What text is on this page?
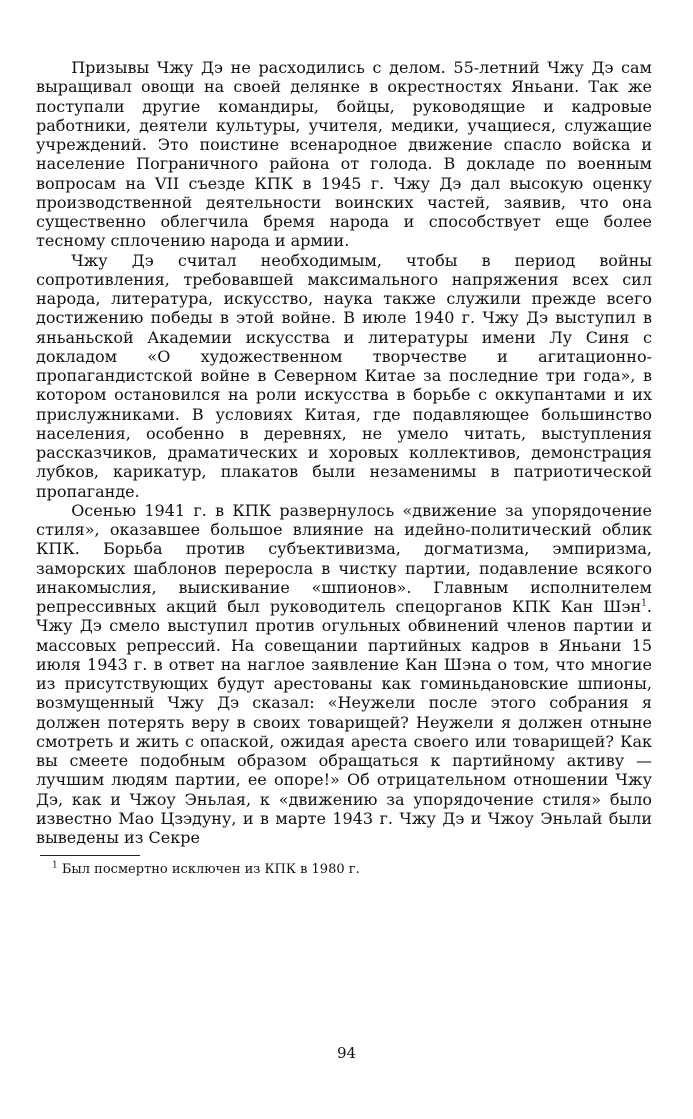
Призывы Чжу Дэ не расходились с делом. 55-летний Чжу Дэ сам выращивал овощи на своей делянке в окрестностях Яньани. Так же поступали другие командиры, бойцы, руководящие и кадровые работники, деятели культуры, учителя, медики, учащиеся, служащие учреждений. Это поистине всенародное движение спасло войска и население Пограничного района от голода. В докладе по военным вопросам на VII съезде КПК в 1945 г. Чжу Дэ дал высокую оценку производственной деятельности воинских частей, заявив, что она существенно облегчила бремя народа и способствует еще более тесному сплочению народа и армии.

Чжу Дэ считал необходимым, чтобы в период войны сопротивления, требовавшей максимального напряжения всех сил народа, литература, искусство, наука также служили прежде всего достижению победы в этой войне. В июле 1940 г. Чжу Дэ выступил в яньаньской Академии искусства и литературы имени Лу Синя с докладом «О художественном творчестве и агитационно-пропагандистской войне в Северном Китае за последние три года», в котором остановился на роли искусства в борьбе с оккупантами и их прислужниками. В условиях Китая, где подавляющее большинство населения, особенно в деревнях, не умело читать, выступления рассказчиков, драматических и хоровых коллективов, демонстрация лубков, карикатур, плакатов были незаменимы в патриотической пропаганде.

Осенью 1941 г. в КПК развернулось «движение за упорядочение стиля», оказавшее большое влияние на идейно-политический облик КПК. Борьба против субъективизма, догматизма, эмпиризма, заморских шаблонов переросла в чистку партии, подавление всякого инакомыслия, выискивание «шпионов». Главным исполнителем репрессивных акций был руководитель спецорганов КПК Кан Шэн$^1$. Чжу Дэ смело выступил против огульных обвинений членов партии и массовых репрессий. На совещании партийных кадров в Яньани 15 июля 1943 г. в ответ на наглое заявление Кан Шэна о том, что многие из присутствующих будут арестованы как гоминьдановские шпионы, возмущенный Чжу Дэ сказал: «Неужели после этого собрания я должен потерять веру в своих товарищей? Неужели я должен отныне смотреть и жить с опаской, ожидая ареста своего или товарищей? Как вы смеете подобным образом обращаться к партийному активу — лучшим людям партии, ее опоре!» Об отрицательном отношении Чжу Дэ, как и Чжоу Эньлая, к «движению за упорядочение стиля» было известно Мао Цзэдуну, и в марте 1943 г. Чжу Дэ и Чжоу Эньлай были выведены из Секре

$^1$ Был посмертно исключен из КПК в 1980 г.

94
